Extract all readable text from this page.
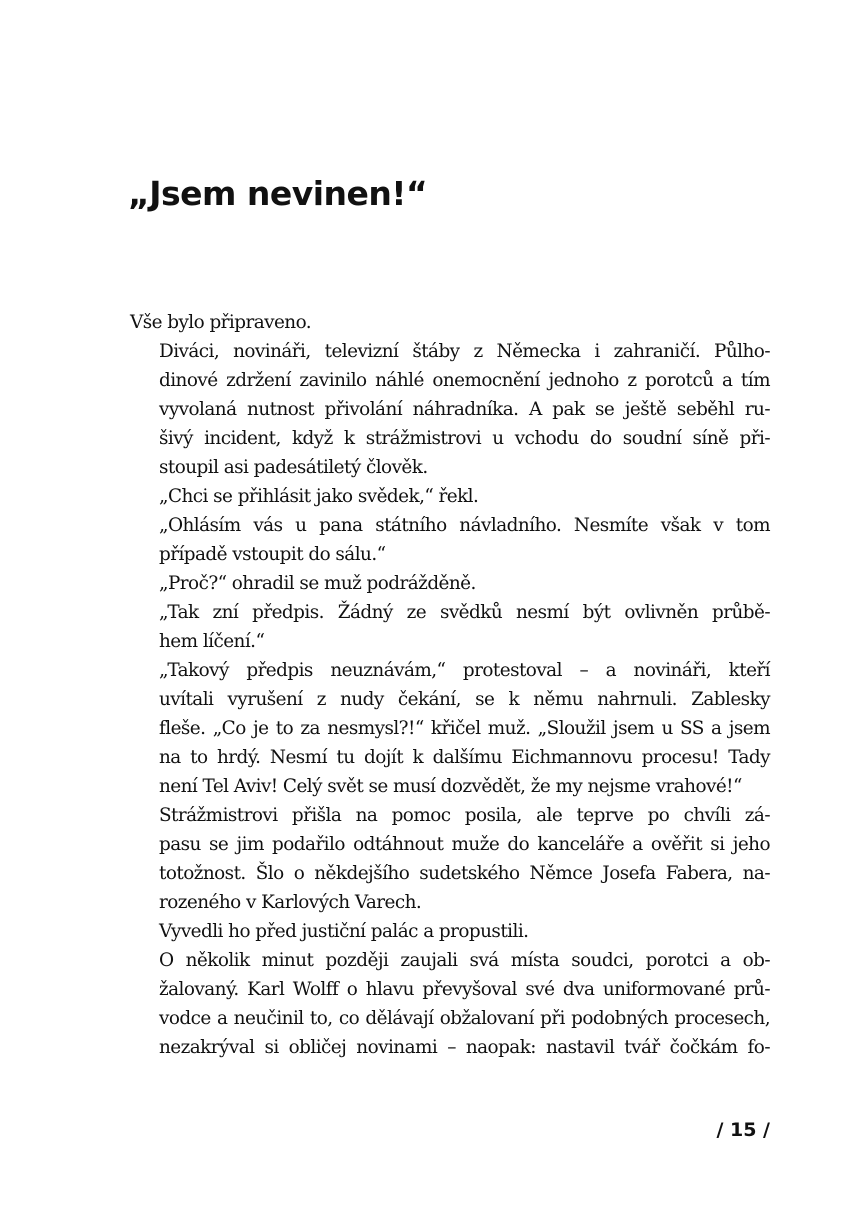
„Jsem nevinen!“

Vše bylo připraveno.

Diváci, novináři, televizní štáby z Německa i zahraničí. Půlho-
dinové zdržení zavinilo náhlé onemocnění jednoho z porotců a tím
vyvolaná nutnost přivolání náhradníka. A pak se ještě seběhl ru-
šivý incident, když k strážmistrovi u vchodu do soudní síně při-
stoupil asi padesátiletý člověk.

„Chci se přihlásit jako svědek,“ řekl.

„Ohlásím vás u pana státního návladního. Nesmíte však v tom
případě vstoupit do sálu.“

„Proč?“ ohradil se muž podrážděně.

„Tak zní předpis. Žádný ze svědků nesmí být ovlivněn průbě-
hem líčení.“

„Takový předpis neuznávám,“ protestoval – a novináři, kteří
uvítali vyrušení z nudy čekání, se k němu nahrnuli. Zablesky
fleše. „Co je to za nesmysl?!“ křičel muž. „Sloužil jsem u SS a jsem
na to hrdý. Nesmí tu dojít k dalšímu Eichmannovu procesu! Tady
není Tel Aviv! Celý svět se musí dozvědět, že my nejsme vrahové!“

Strážmistrovi přišla na pomoc posila, ale teprve po chvíli zá-
pasu se jim podařilo odtáhnout muže do kanceláře a ověřit si jeho
totožnost. Šlo o někdejšího sudetského Němce Josefa Fabera, na-
rozeného v Karlových Varech.

Vyvedli ho před justiční palác a propustili.

O několik minut později zaujali svá místa soudci, porotci a ob-
žalovaný. Karl Wolff o hlavu převyšoval své dva uniformované prů-
vodce a neučinil to, co dělávají obžalovaní při podobných procesech,
nezakrýval si obličej novinami – naopak: nastavil tvář čočkám fo-

/ 15 /
